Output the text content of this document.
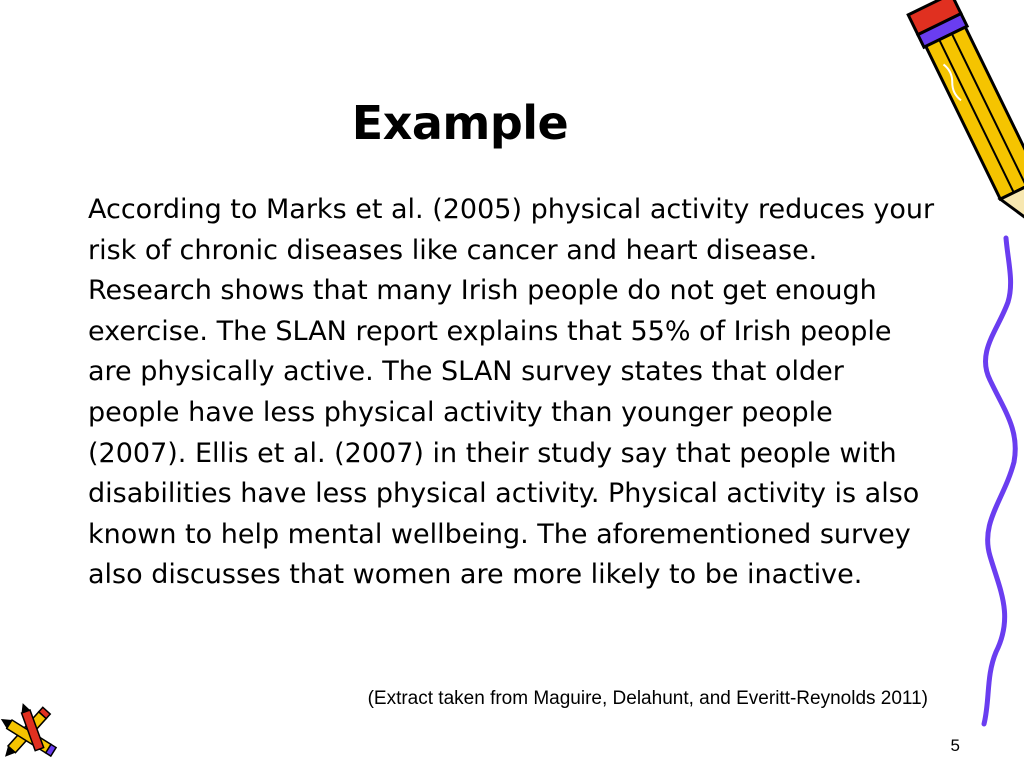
Example

According to Marks et al. (2005) physical activity reduces your risk of chronic diseases like cancer and heart disease. Research shows that many Irish people do not get enough exercise. The SLAN report explains that 55% of Irish people are physically active. The SLAN survey states that older people have less physical activity than younger people (2007). Ellis et al. (2007) in their study say that people with disabilities have less physical activity. Physical activity is also known to help mental wellbeing. The aforementioned survey also discusses that women are more likely to be inactive.

(Extract taken from Maguire, Delahunt, and Everitt-Reynolds 2011)

5
